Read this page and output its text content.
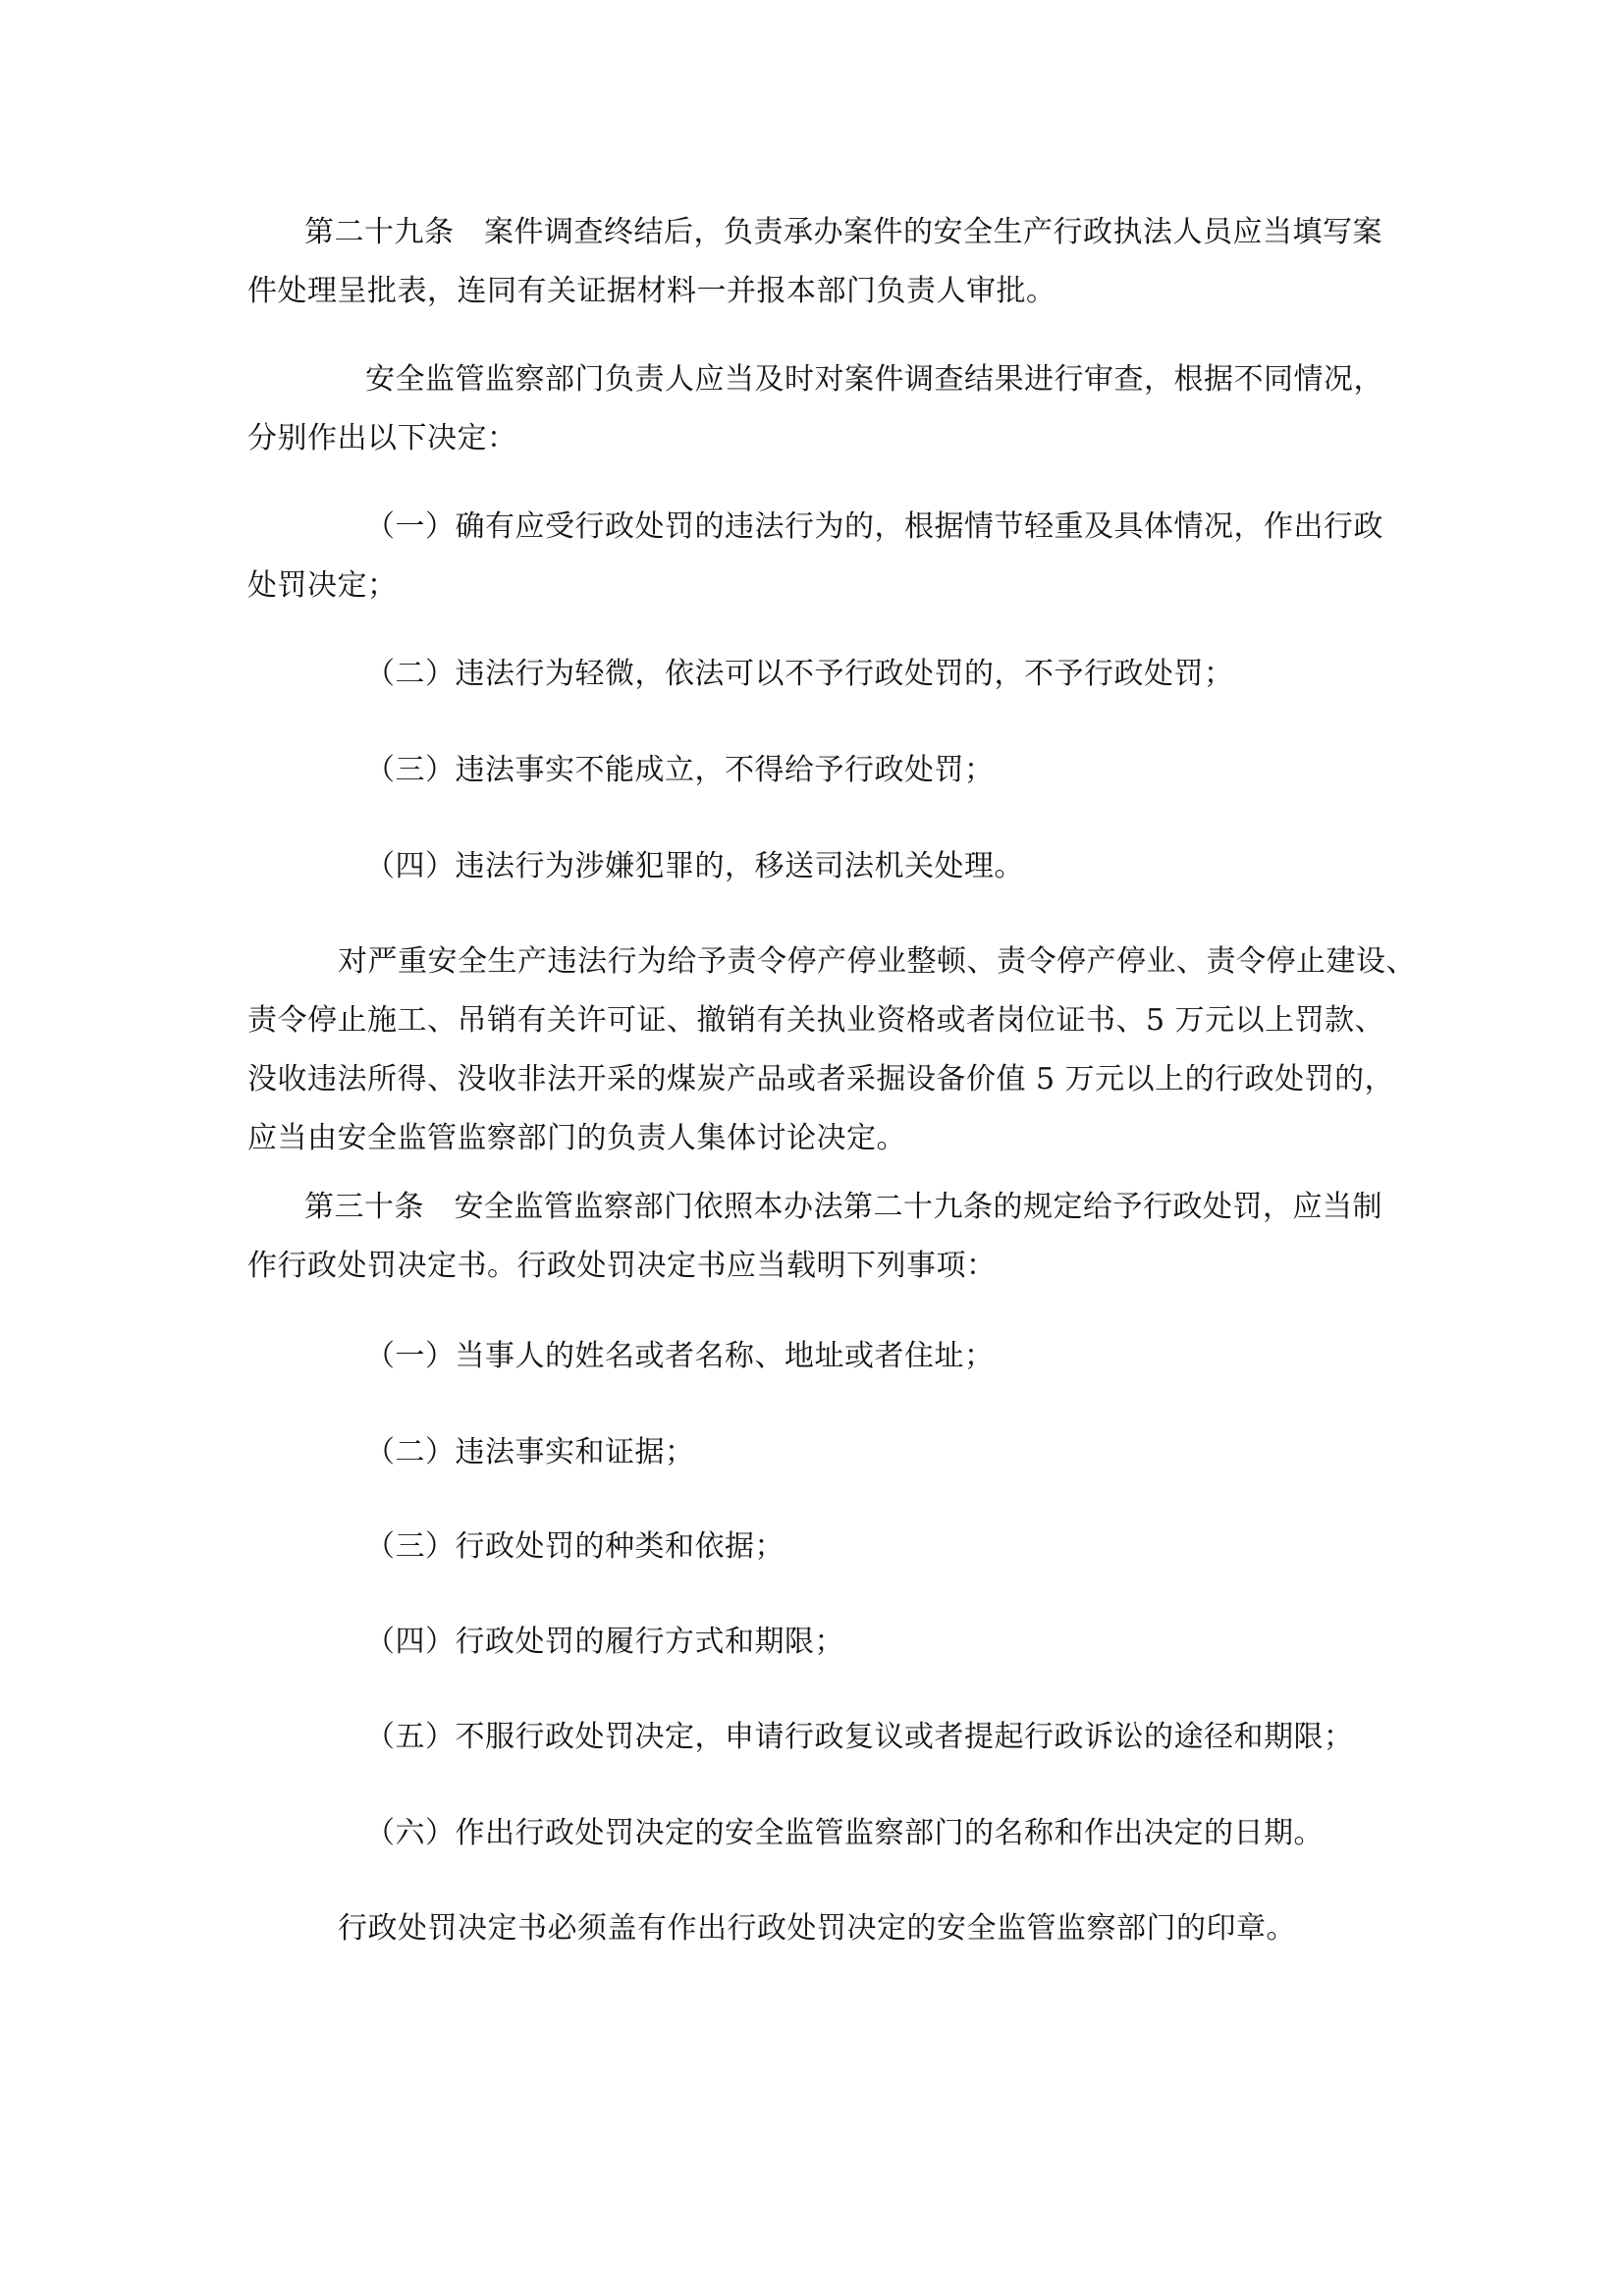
第二十九条　案件调查终结后，负责承办案件的安全生产行政执法人员应当填写案
件处理呈批表，连同有关证据材料一并报本部门负责人审批。

安全监管监察部门负责人应当及时对案件调查结果进行审查，根据不同情况，
分别作出以下决定：

（一）确有应受行政处罚的违法行为的，根据情节轻重及具体情况，作出行政
处罚决定；

（二）违法行为轻微，依法可以不予行政处罚的，不予行政处罚；

（三）违法事实不能成立，不得给予行政处罚；

（四）违法行为涉嫌犯罪的，移送司法机关处理。

对严重安全生产违法行为给予责令停产停业整顿、责令停产停业、责令停止建设、
责令停止施工、吊销有关许可证、撤销有关执业资格或者岗位证书、5 万元以上罚款、
没收违法所得、没收非法开采的煤炭产品或者采掘设备价值 5 万元以上的行政处罚的，
应当由安全监管监察部门的负责人集体讨论决定。

第三十条　安全监管监察部门依照本办法第二十九条的规定给予行政处罚，应当制
作行政处罚决定书。行政处罚决定书应当载明下列事项：

（一）当事人的姓名或者名称、地址或者住址；

（二）违法事实和证据；

（三）行政处罚的种类和依据；

（四）行政处罚的履行方式和期限；

（五）不服行政处罚决定，申请行政复议或者提起行政诉讼的途径和期限；

（六）作出行政处罚决定的安全监管监察部门的名称和作出决定的日期。

行政处罚决定书必须盖有作出行政处罚决定的安全监管监察部门的印章。
